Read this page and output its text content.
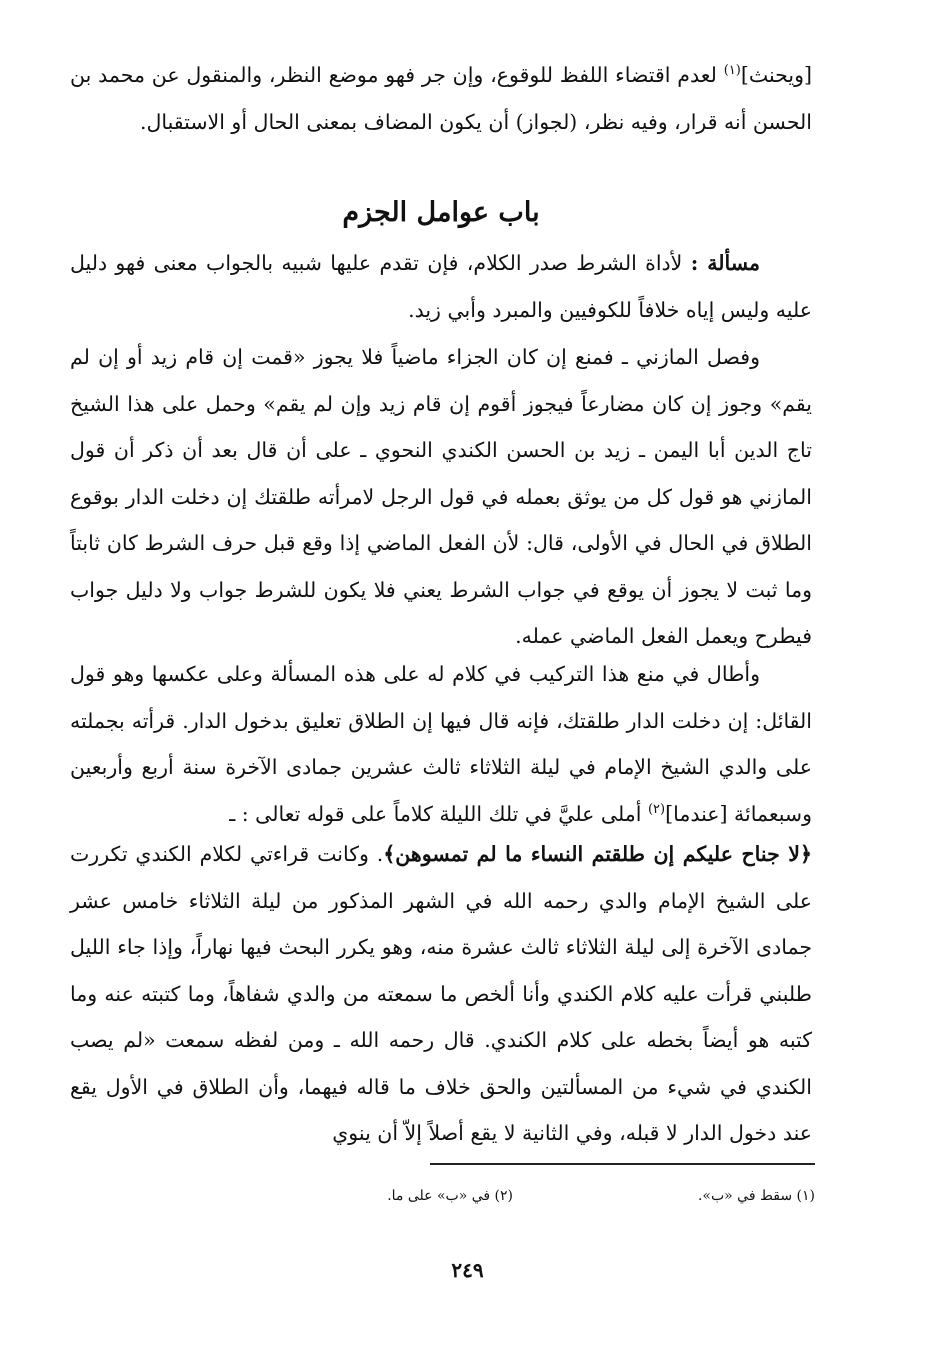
[ويحنث]$^{(١)}$ لعدم اقتضاء اللفظ للوقوع، وإن جر فهو موضع النظر، والمنقول عن محمد بن الحسن أنه قرار، وفيه نظر، (لجواز) أن يكون المضاف بمعنى الحال أو الاستقبال.
باب عوامل الجزم
مسألة : لأداة الشرط صدر الكلام، فإن تقدم عليها شبيه بالجواب معنى فهو دليل عليه وليس إياه خلافاً للكوفيين والمبرد وأبي زيد.
وفصل المازني ـ فمنع إن كان الجزاء ماضياً فلا يجوز «قمت إن قام زيد أو إن لم يقم» وجوز إن كان مضارعاً فيجوز أقوم إن قام زيد وإن لم يقم» وحمل على هذا الشيخ تاج الدين أبا اليمن ـ زيد بن الحسن الكندي النحوي ـ على أن قال بعد أن ذكر أن قول المازني هو قول كل من يوثق بعمله في قول الرجل لامرأته طلقتك إن دخلت الدار بوقوع الطلاق في الحال في الأولى، قال: لأن الفعل الماضي إذا وقع قبل حرف الشرط كان ثابتاً وما ثبت لا يجوز أن يوقع في جواب الشرط يعني فلا يكون للشرط جواب ولا دليل جواب فيطرح ويعمل الفعل الماضي عمله.
وأطال في منع هذا التركيب في كلام له على هذه المسألة وعلى عكسها وهو قول القائل: إن دخلت الدار طلقتك، فإنه قال فيها إن الطلاق تعليق بدخول الدار. قرأته بجملته على والدي الشيخ الإمام في ليلة الثلاثاء ثالث عشرين جمادى الآخرة سنة أربع وأربعين وسبعمائة [عندما]$^{(٢)}$ أملى عليَّ في تلك الليلة كلاماً على قوله تعالى : ـ
﴿لا جناح عليكم إن طلقتم النساء ما لم تمسوهن﴾. وكانت قراءتي لكلام الكندي تكررت على الشيخ الإمام والدي رحمه الله في الشهر المذكور من ليلة الثلاثاء خامس عشر جمادى الآخرة إلى ليلة الثلاثاء ثالث عشرة منه، وهو يكرر البحث فيها نهاراً، وإذا جاء الليل طلبني قرأت عليه كلام الكندي وأنا ألخص ما سمعته من والدي شفاهاً، وما كتبته عنه وما كتبه هو أيضاً بخطه على كلام الكندي. قال رحمه الله ـ ومن لفظه سمعت «لم يصب الكندي في شيء من المسألتين والحق خلاف ما قاله فيهما، وأن الطلاق في الأول يقع عند دخول الدار لا قبله، وفي الثانية لا يقع أصلاً إلاّ أن ينوي
(١) سقط في «ب».
(٢) في «ب» على ما.
٢٤٩
